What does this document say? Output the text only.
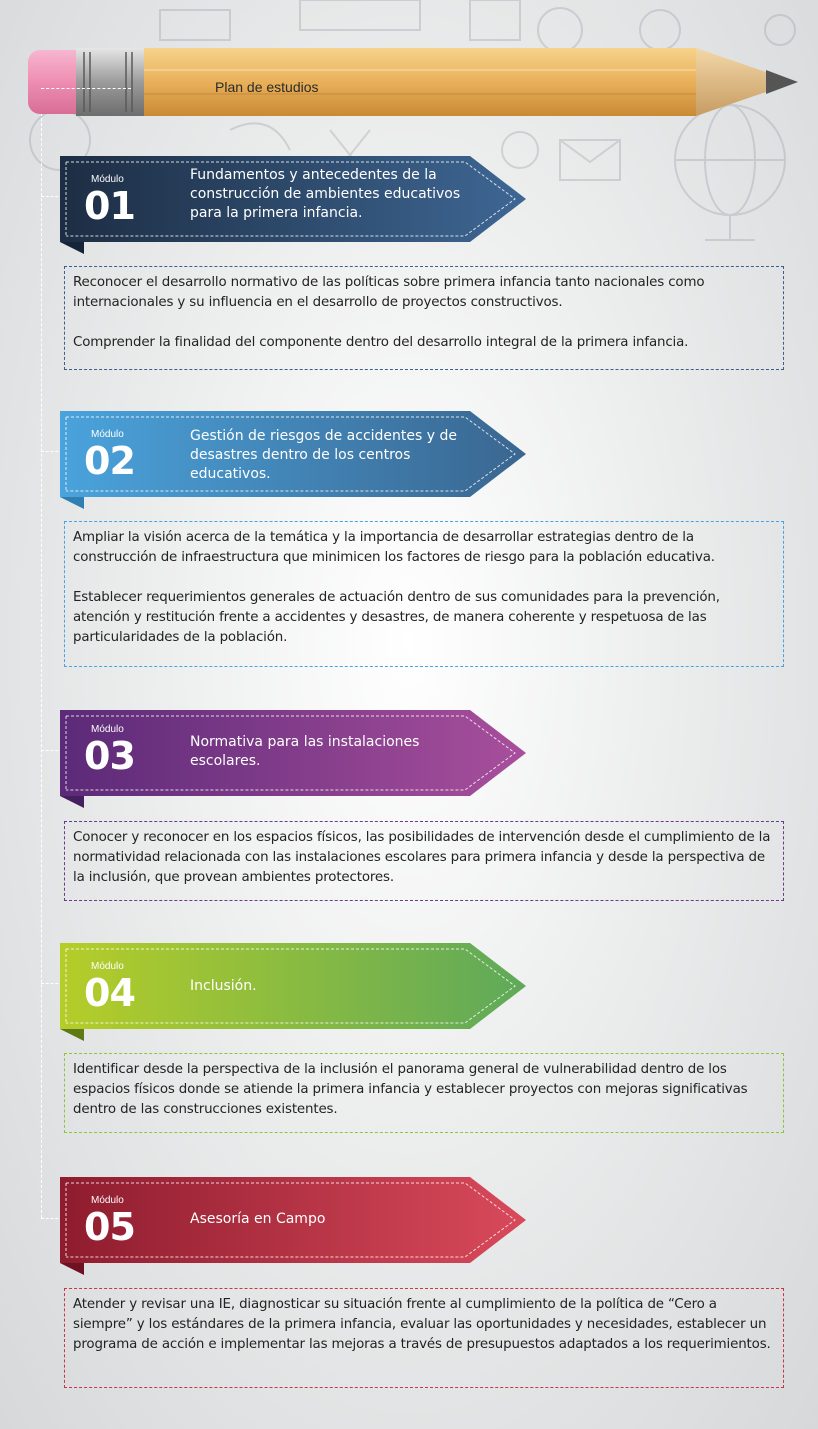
Plan de estudios
Módulo
01
Fundamentos y antecedentes de la construcción de ambientes educativos para la primera infancia.

Reconocer el desarrollo normativo de las políticas sobre primera infancia tanto nacionales como internacionales y su influencia en el desarrollo de proyectos constructivos.

Comprender la finalidad del componente dentro del desarrollo integral de la primera infancia.

Módulo
02
Gestión de riesgos de accidentes y de desastres dentro de los centros educativos.

Ampliar la visión acerca de la temática y la importancia de desarrollar estrategias dentro de la construcción de infraestructura que minimicen los factores de riesgo para la población educativa.

Establecer requerimientos generales de actuación dentro de sus comunidades para la prevención, atención y restitución frente a accidentes y desastres, de manera coherente y respetuosa de las particularidades de la población.

Módulo
03	Normativa para las instalaciones escolares.

Conocer y reconocer en los espacios físicos, las posibilidades de intervención desde el cumplimiento de la normatividad relacionada con las instalaciones escolares para primera infancia y desde la perspectiva de la inclusión, que provean ambientes protectores.

Módulo
04	Inclusión.

Identificar desde la perspectiva de la inclusión el panorama general de vulnerabilidad dentro de los espacios físicos donde se atiende la primera infancia y establecer proyectos con mejoras significativas dentro de las construcciones existentes.

Módulo
05	Asesoría en Campo

Atender y revisar una IE, diagnosticar su situación frente al cumplimiento de la política de “Cero a siempre” y los estándares de la primera infancia, evaluar las oportunidades y necesidades, establecer un programa de acción e implementar las mejoras a través de presupuestos adaptados a los requerimientos.
